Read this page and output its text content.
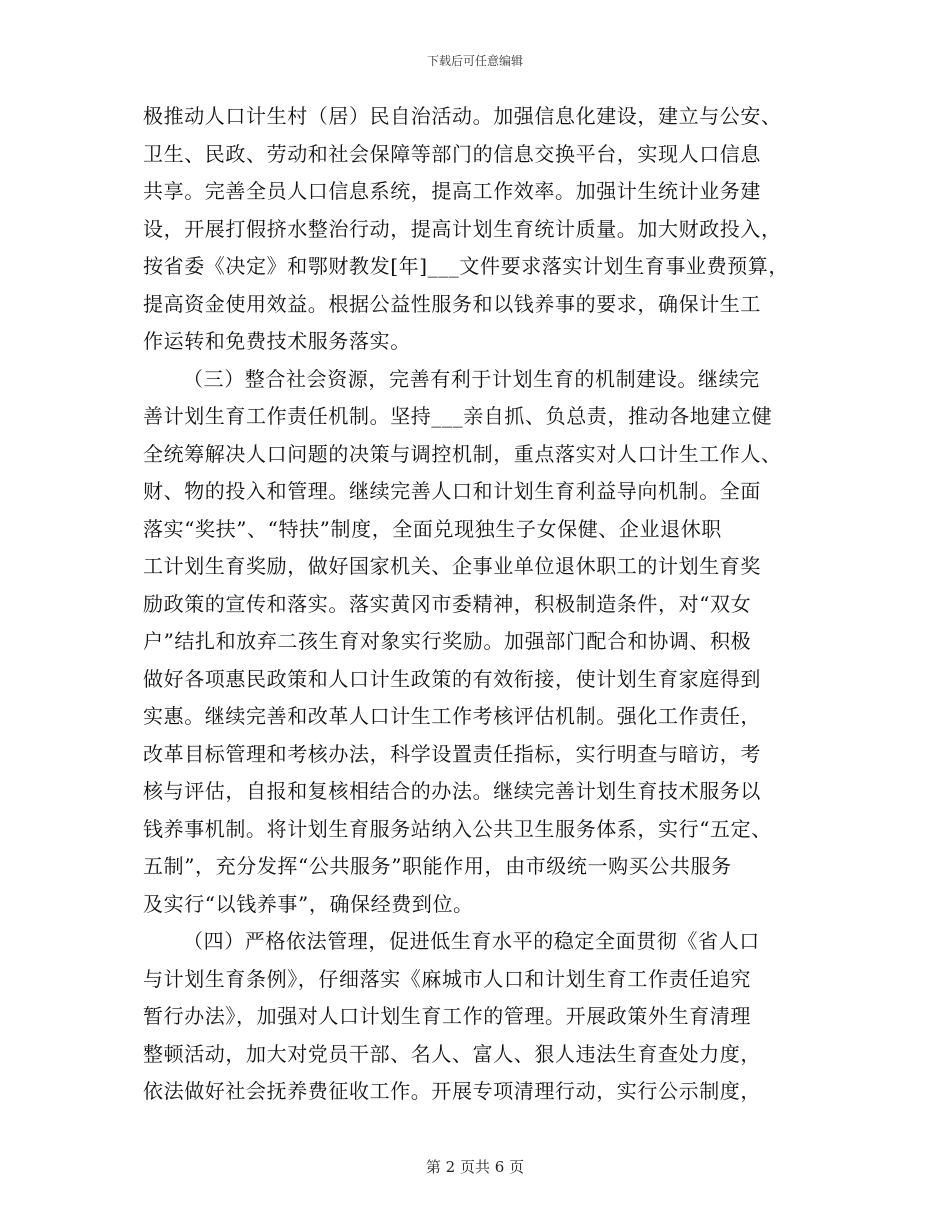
下载后可任意编辑
极推动人口计生村（居）民自治活动。加强信息化建设，建立与公安、
卫生、民政、劳动和社会保障等部门的信息交换平台，实现人口信息
共享。完善全员人口信息系统，提高工作效率。加强计生统计业务建
设，开展打假挤水整治行动，提高计划生育统计质量。加大财政投入，
按省委《决定》和鄂财教发[年]___文件要求落实计划生育事业费预算，
提高资金使用效益。根据公益性服务和以钱养事的要求，确保计生工
作运转和免费技术服务落实。
（三）整合社会资源，完善有利于计划生育的机制建设。继续完
善计划生育工作责任机制。坚持___亲自抓、负总责，推动各地建立健
全统筹解决人口问题的决策与调控机制，重点落实对人口计生工作人、
财、物的投入和管理。继续完善人口和计划生育利益导向机制。全面
落实“奖扶”、“特扶”制度，全面兑现独生子女保健、企业退休职
工计划生育奖励，做好国家机关、企事业单位退休职工的计划生育奖
励政策的宣传和落实。落实黄冈市委精神，积极制造条件，对“双女
户”结扎和放弃二孩生育对象实行奖励。加强部门配合和协调、积极
做好各项惠民政策和人口计生政策的有效衔接，使计划生育家庭得到
实惠。继续完善和改革人口计生工作考核评估机制。强化工作责任，
改革目标管理和考核办法，科学设置责任指标，实行明查与暗访，考
核与评估，自报和复核相结合的办法。继续完善计划生育技术服务以
钱养事机制。将计划生育服务站纳入公共卫生服务体系，实行“五定、
五制”，充分发挥“公共服务”职能作用，由市级统一购买公共服务
及实行“以钱养事”，确保经费到位。
（四）严格依法管理，促进低生育水平的稳定全面贯彻《省人口
与计划生育条例》，仔细落实《麻城市人口和计划生育工作责任追究
暂行办法》，加强对人口计划生育工作的管理。开展政策外生育清理
整顿活动，加大对党员干部、名人、富人、狠人违法生育查处力度，
依法做好社会抚养费征收工作。开展专项清理行动，实行公示制度，
第 2 页共 6 页
